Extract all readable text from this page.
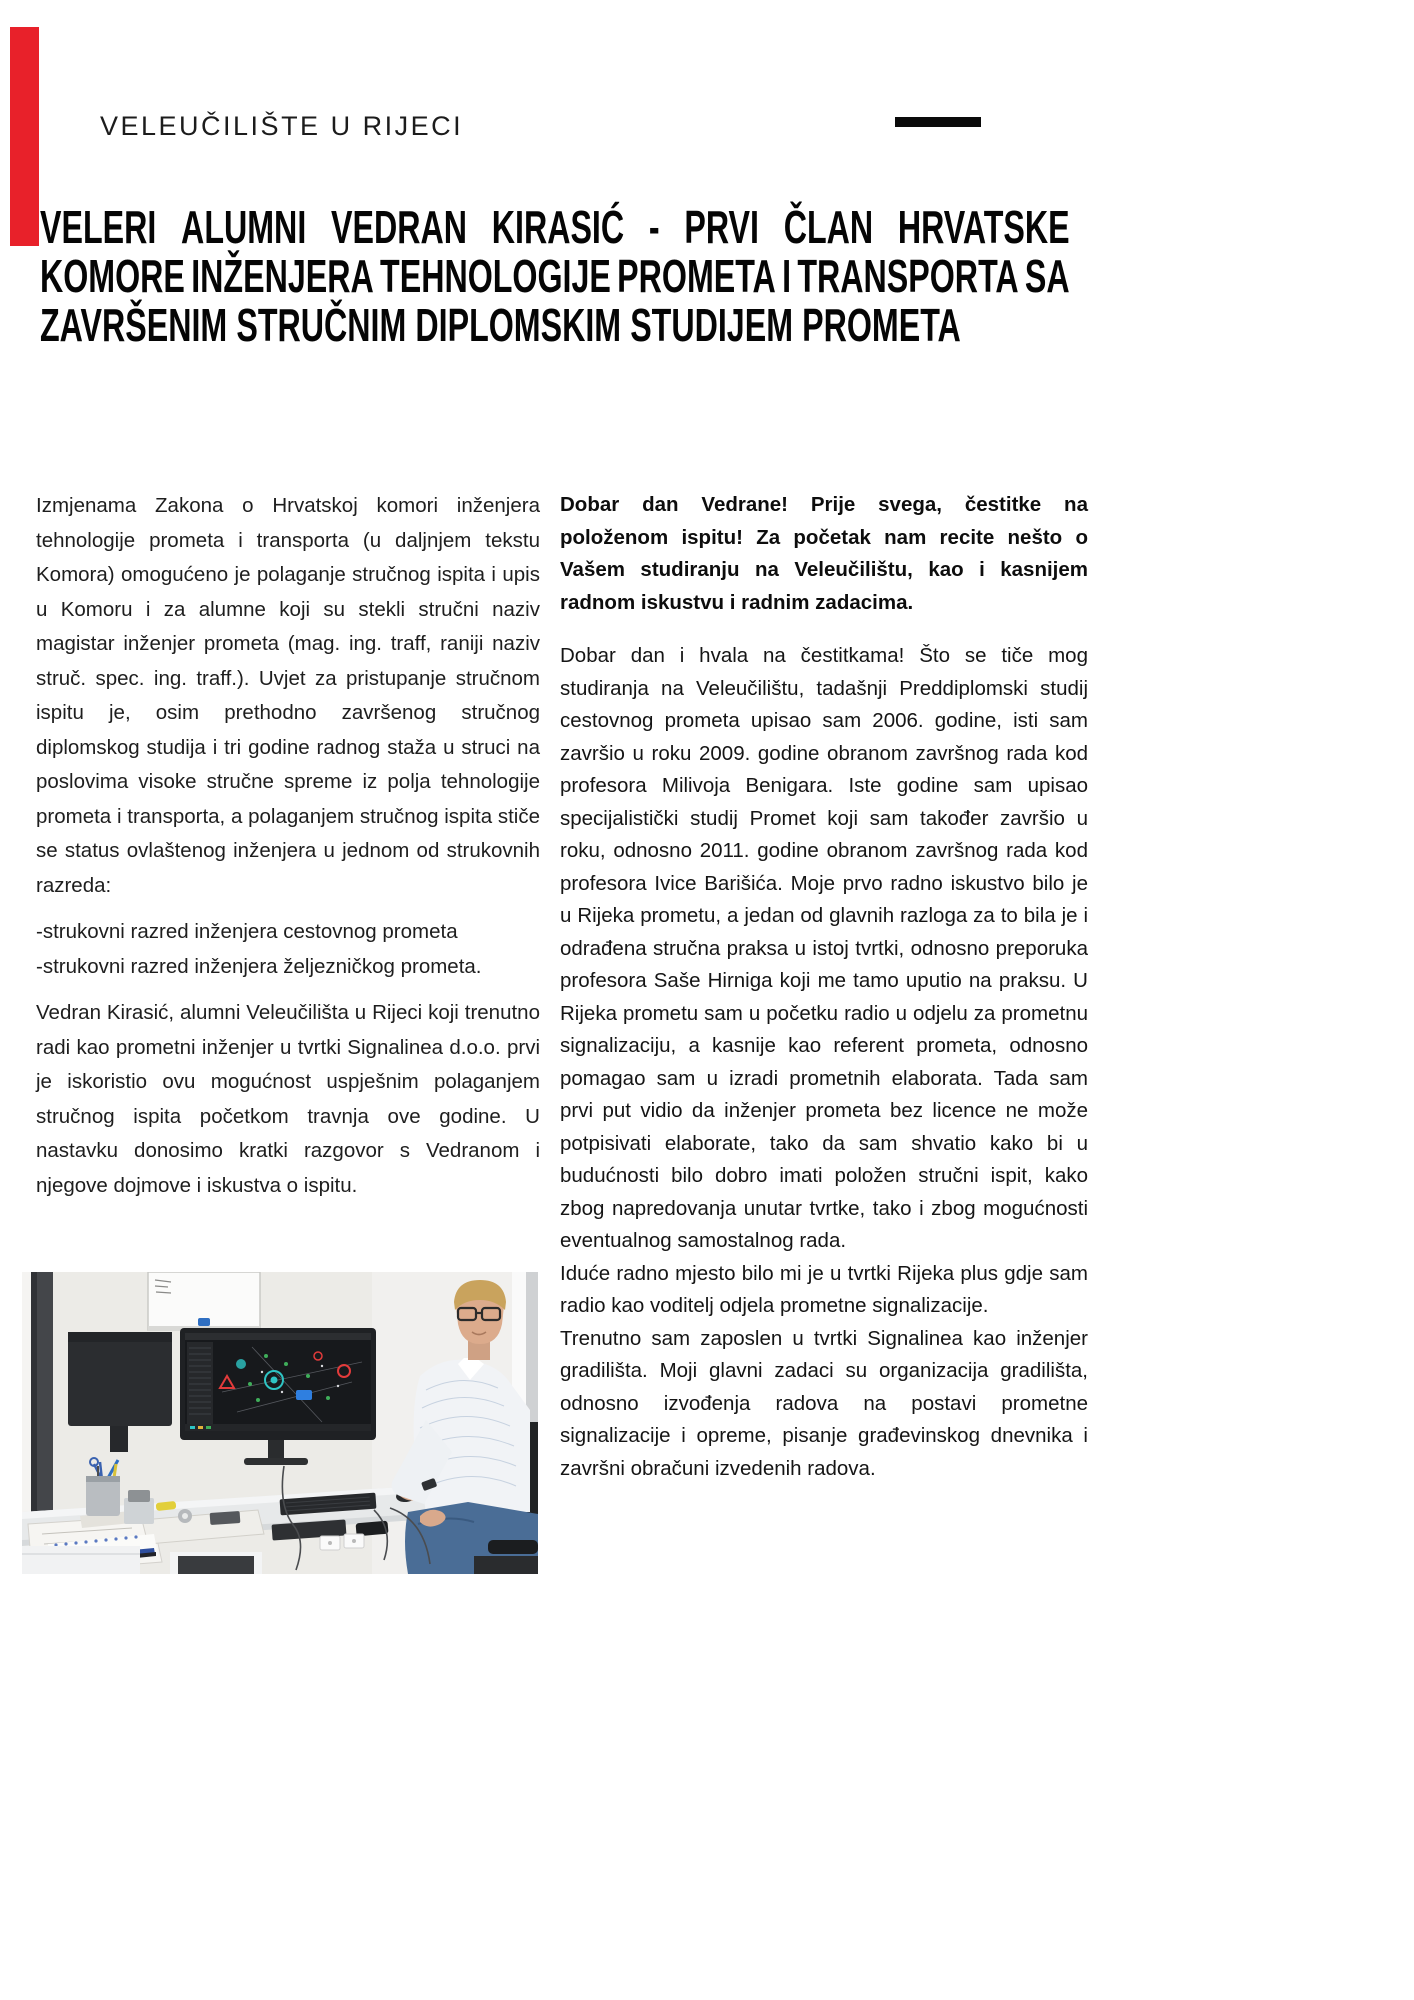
VELEUČILIŠTE U RIJECI
VELERI ALUMNI VEDRAN KIRASIĆ - PRVI ČLAN HRVATSKE
KOMORE INŽENJERA TEHNOLOGIJE PROMETA I TRANSPORTA SA
ZAVRŠENIM STRUČNIM DIPLOMSKIM STUDIJEM PROMETA

Izmjenama Zakona o Hrvatskoj komori inženjera tehnologije prometa i transporta (u daljnjem tekstu Komora) omogućeno je polaganje stručnog ispita i upis u Komoru i za alumne koji su stekli stručni naziv magistar inženjer prometa (mag. ing. traff, raniji naziv struč. spec. ing. traff.). Uvjet za pristupanje stručnom ispitu je, osim prethodno završenog stručnog diplomskog studija i tri godine radnog staža u struci na poslovima visoke stručne spreme iz polja tehnologije prometa i transporta, a polaganjem stručnog ispita stiče se status ovlaštenog inženjera u jednom od strukovnih razreda:

-strukovni razred inženjera cestovnog prometa
-strukovni razred inženjera željezničkog prometa.

Vedran Kirasić, alumni Veleučilišta u Rijeci koji trenutno radi kao prometni inženjer u tvrtki Signalinea d.o.o. prvi je iskoristio ovu mogućnost uspješnim polaganjem stručnog ispita početkom travnja ove godine. U nastavku donosimo kratki razgovor s Vedranom i njegove dojmove i iskustva o ispitu.

Dobar dan Vedrane! Prije svega, čestitke na položenom ispitu! Za početak nam recite nešto o Vašem studiranju na Veleučilištu, kao i kasnijem radnom iskustvu i radnim zadacima.

Dobar dan i hvala na čestitkama! Što se tiče mog studiranja na Veleučilištu, tadašnji Preddiplomski studij cestovnog prometa upisao sam 2006. godine, isti sam završio u roku 2009. godine obranom završnog rada kod profesora Milivoja Benigara. Iste godine sam upisao specijalistički studij Promet koji sam također završio u roku, odnosno 2011. godine obranom završnog rada kod profesora Ivice Barišića. Moje prvo radno iskustvo bilo je u Rijeka prometu, a jedan od glavnih razloga za to bila je i odrađena stručna praksa u istoj tvrtki, odnosno preporuka profesora Saše Hirniga koji me tamo uputio na praksu. U Rijeka prometu sam u početku radio u odjelu za prometnu signalizaciju, a kasnije kao referent prometa, odnosno pomagao sam u izradi prometnih elaborata. Tada sam prvi put vidio da inženjer prometa bez licence ne može potpisivati elaborate, tako da sam shvatio kako bi u budućnosti bilo dobro imati položen stručni ispit, kako zbog napredovanja unutar tvrtke, tako i zbog mogućnosti eventualnog samostalnog rada.

Iduće radno mjesto bilo mi je u tvrtki Rijeka plus gdje sam radio kao voditelj odjela prometne signalizacije.

Trenutno sam zaposlen u tvrtki Signalinea kao inženjer gradilišta. Moji glavni zadaci su organizacija gradilišta, odnosno izvođenja radova na postavi prometne signalizacije i opreme, pisanje građevinskog dnevnika i završni obračuni izvedenih radova.
